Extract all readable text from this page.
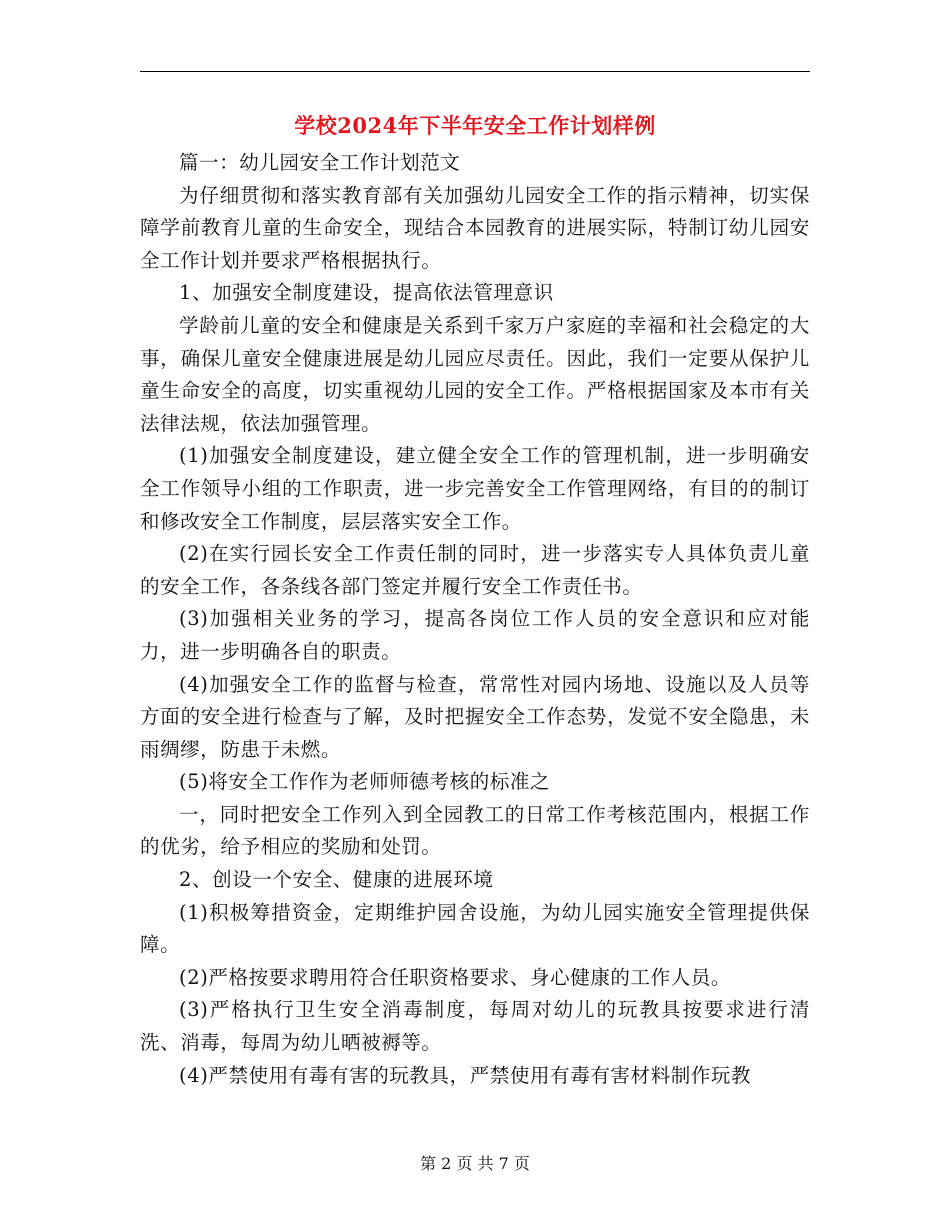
学校2024年下半年安全工作计划样例

篇一：幼儿园安全工作计划范文

为仔细贯彻和落实教育部有关加强幼儿园安全工作的指示精神，切实保障学前教育儿童的生命安全，现结合本园教育的进展实际，特制订幼儿园安全工作计划并要求严格根据执行。

1、加强安全制度建设，提高依法管理意识

学龄前儿童的安全和健康是关系到千家万户家庭的幸福和社会稳定的大事，确保儿童安全健康进展是幼儿园应尽责任。因此，我们一定要从保护儿童生命安全的高度，切实重视幼儿园的安全工作。严格根据国家及本市有关法律法规，依法加强管理。

(1)加强安全制度建设，建立健全安全工作的管理机制，进一步明确安全工作领导小组的工作职责，进一步完善安全工作管理网络，有目的的制订和修改安全工作制度，层层落实安全工作。

(2)在实行园长安全工作责任制的同时，进一步落实专人具体负责儿童的安全工作，各条线各部门签定并履行安全工作责任书。

(3)加强相关业务的学习，提高各岗位工作人员的安全意识和应对能力，进一步明确各自的职责。

(4)加强安全工作的监督与检查，常常性对园内场地、设施以及人员等方面的安全进行检查与了解，及时把握安全工作态势，发觉不安全隐患，未雨绸缪，防患于未燃。

(5)将安全工作作为老师师德考核的标准之

一，同时把安全工作列入到全园教工的日常工作考核范围内，根据工作的优劣，给予相应的奖励和处罚。

2、创设一个安全、健康的进展环境

(1)积极筹措资金，定期维护园舍设施，为幼儿园实施安全管理提供保障。

(2)严格按要求聘用符合任职资格要求、身心健康的工作人员。

(3)严格执行卫生安全消毒制度，每周对幼儿的玩教具按要求进行清洗、消毒，每周为幼儿晒被褥等。

(4)严禁使用有毒有害的玩教具，严禁使用有毒有害材料制作玩教

第 2 页 共 7 页
